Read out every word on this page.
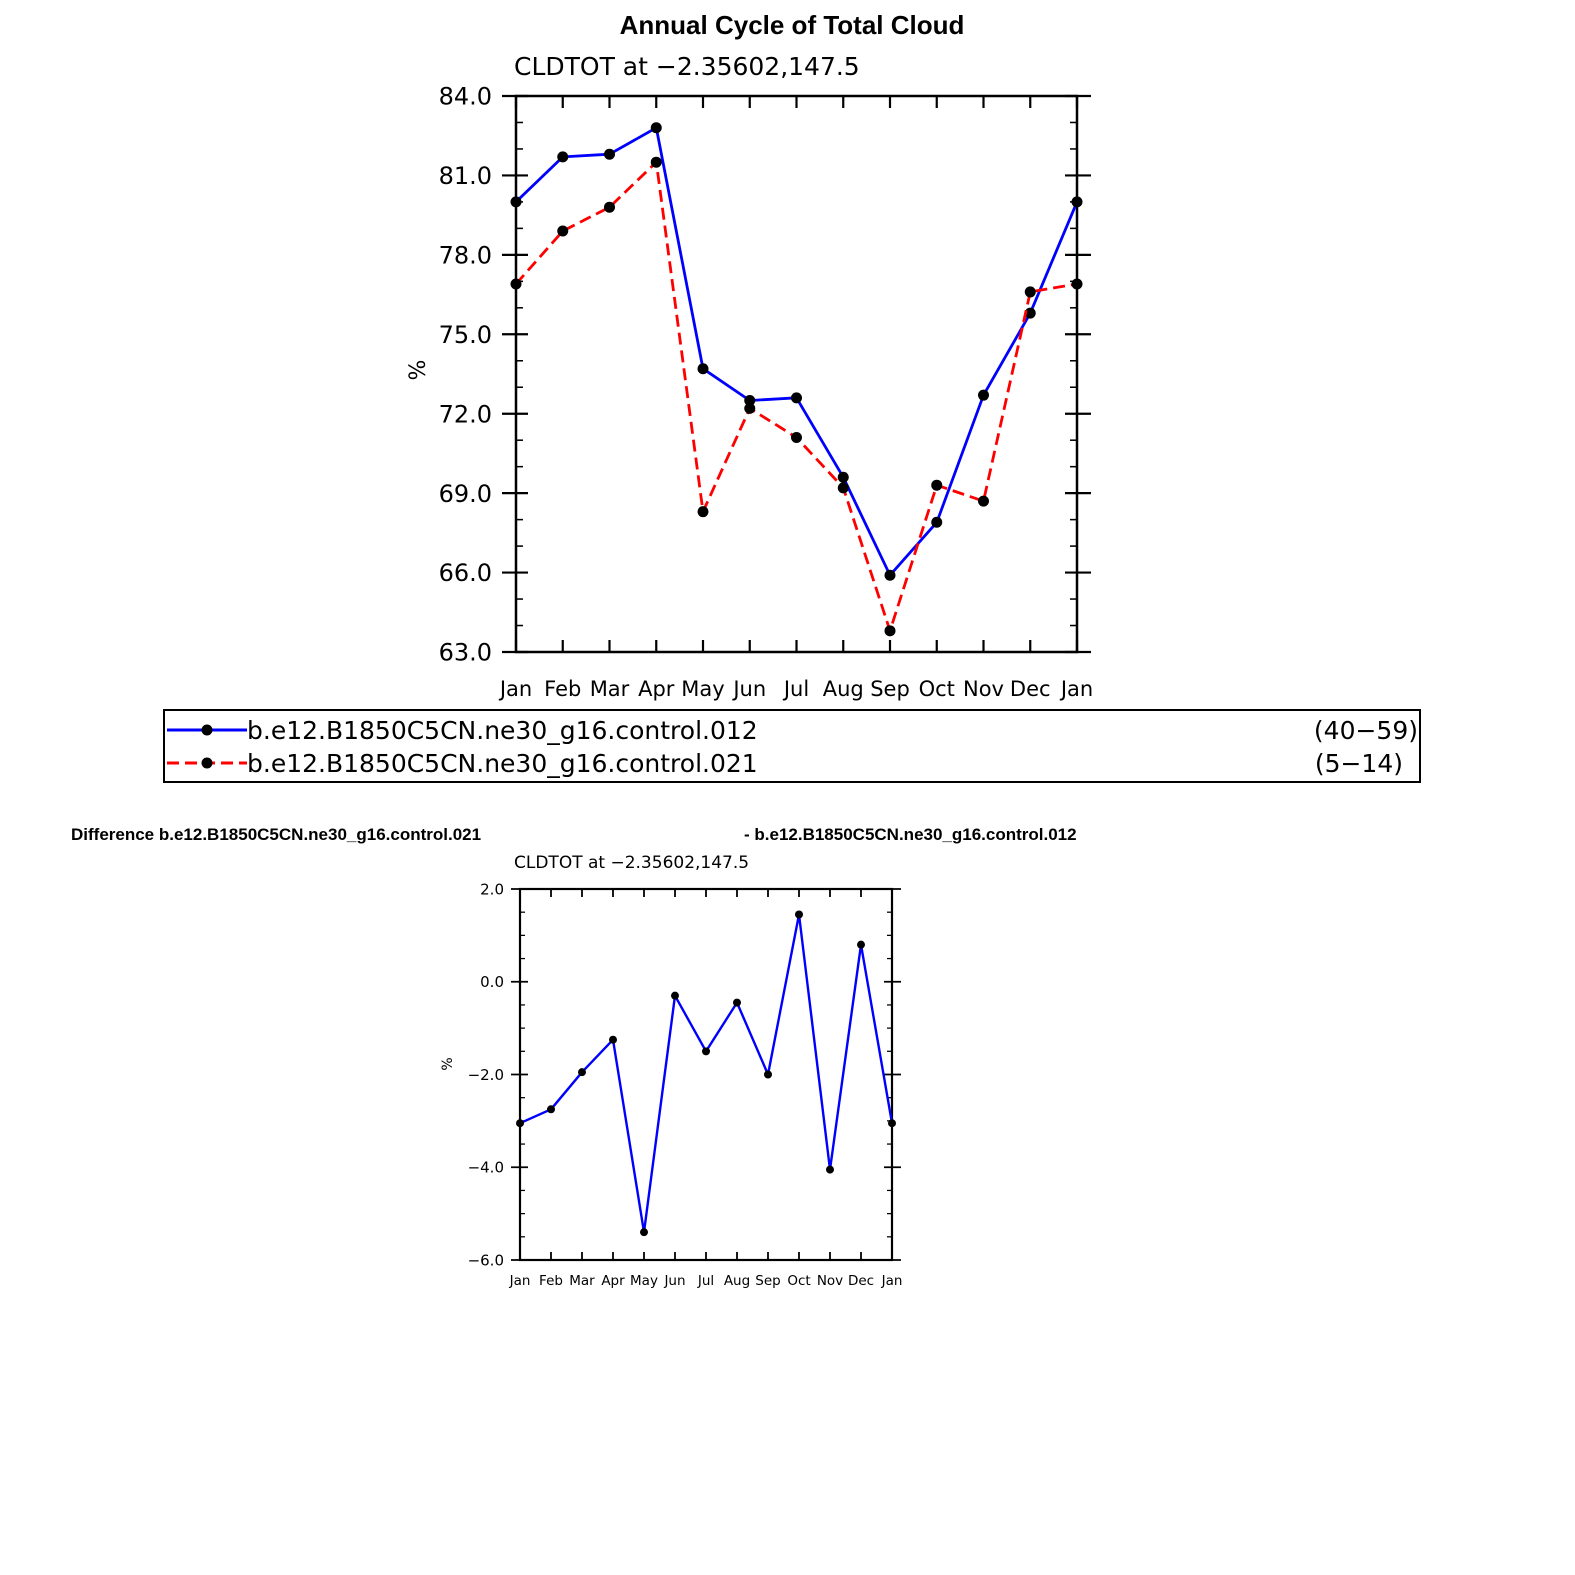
Annual Cycle of Total Cloud
CLDTOT at −2.35602,147.5
%
Jan Feb Mar Apr May Jun Jul Aug Sep Oct Nov Dec Jan
63.0
66.0
69.0
72.0
75.0
78.0
81.0
84.0
b.e12.B1850C5CN.ne30_g16.control.012	(40−59)
b.e12.B1850C5CN.ne30_g16.control.021	(5−14)
Difference b.e12.B1850C5CN.ne30_g16.control.021	- b.e12.B1850C5CN.ne30_g16.control.012
CLDTOT at −2.35602,147.5
%
Jan Feb Mar Apr May Jun Jul Aug Sep Oct Nov Dec Jan
−6.0
−4.0
−2.0
0.0
2.0
